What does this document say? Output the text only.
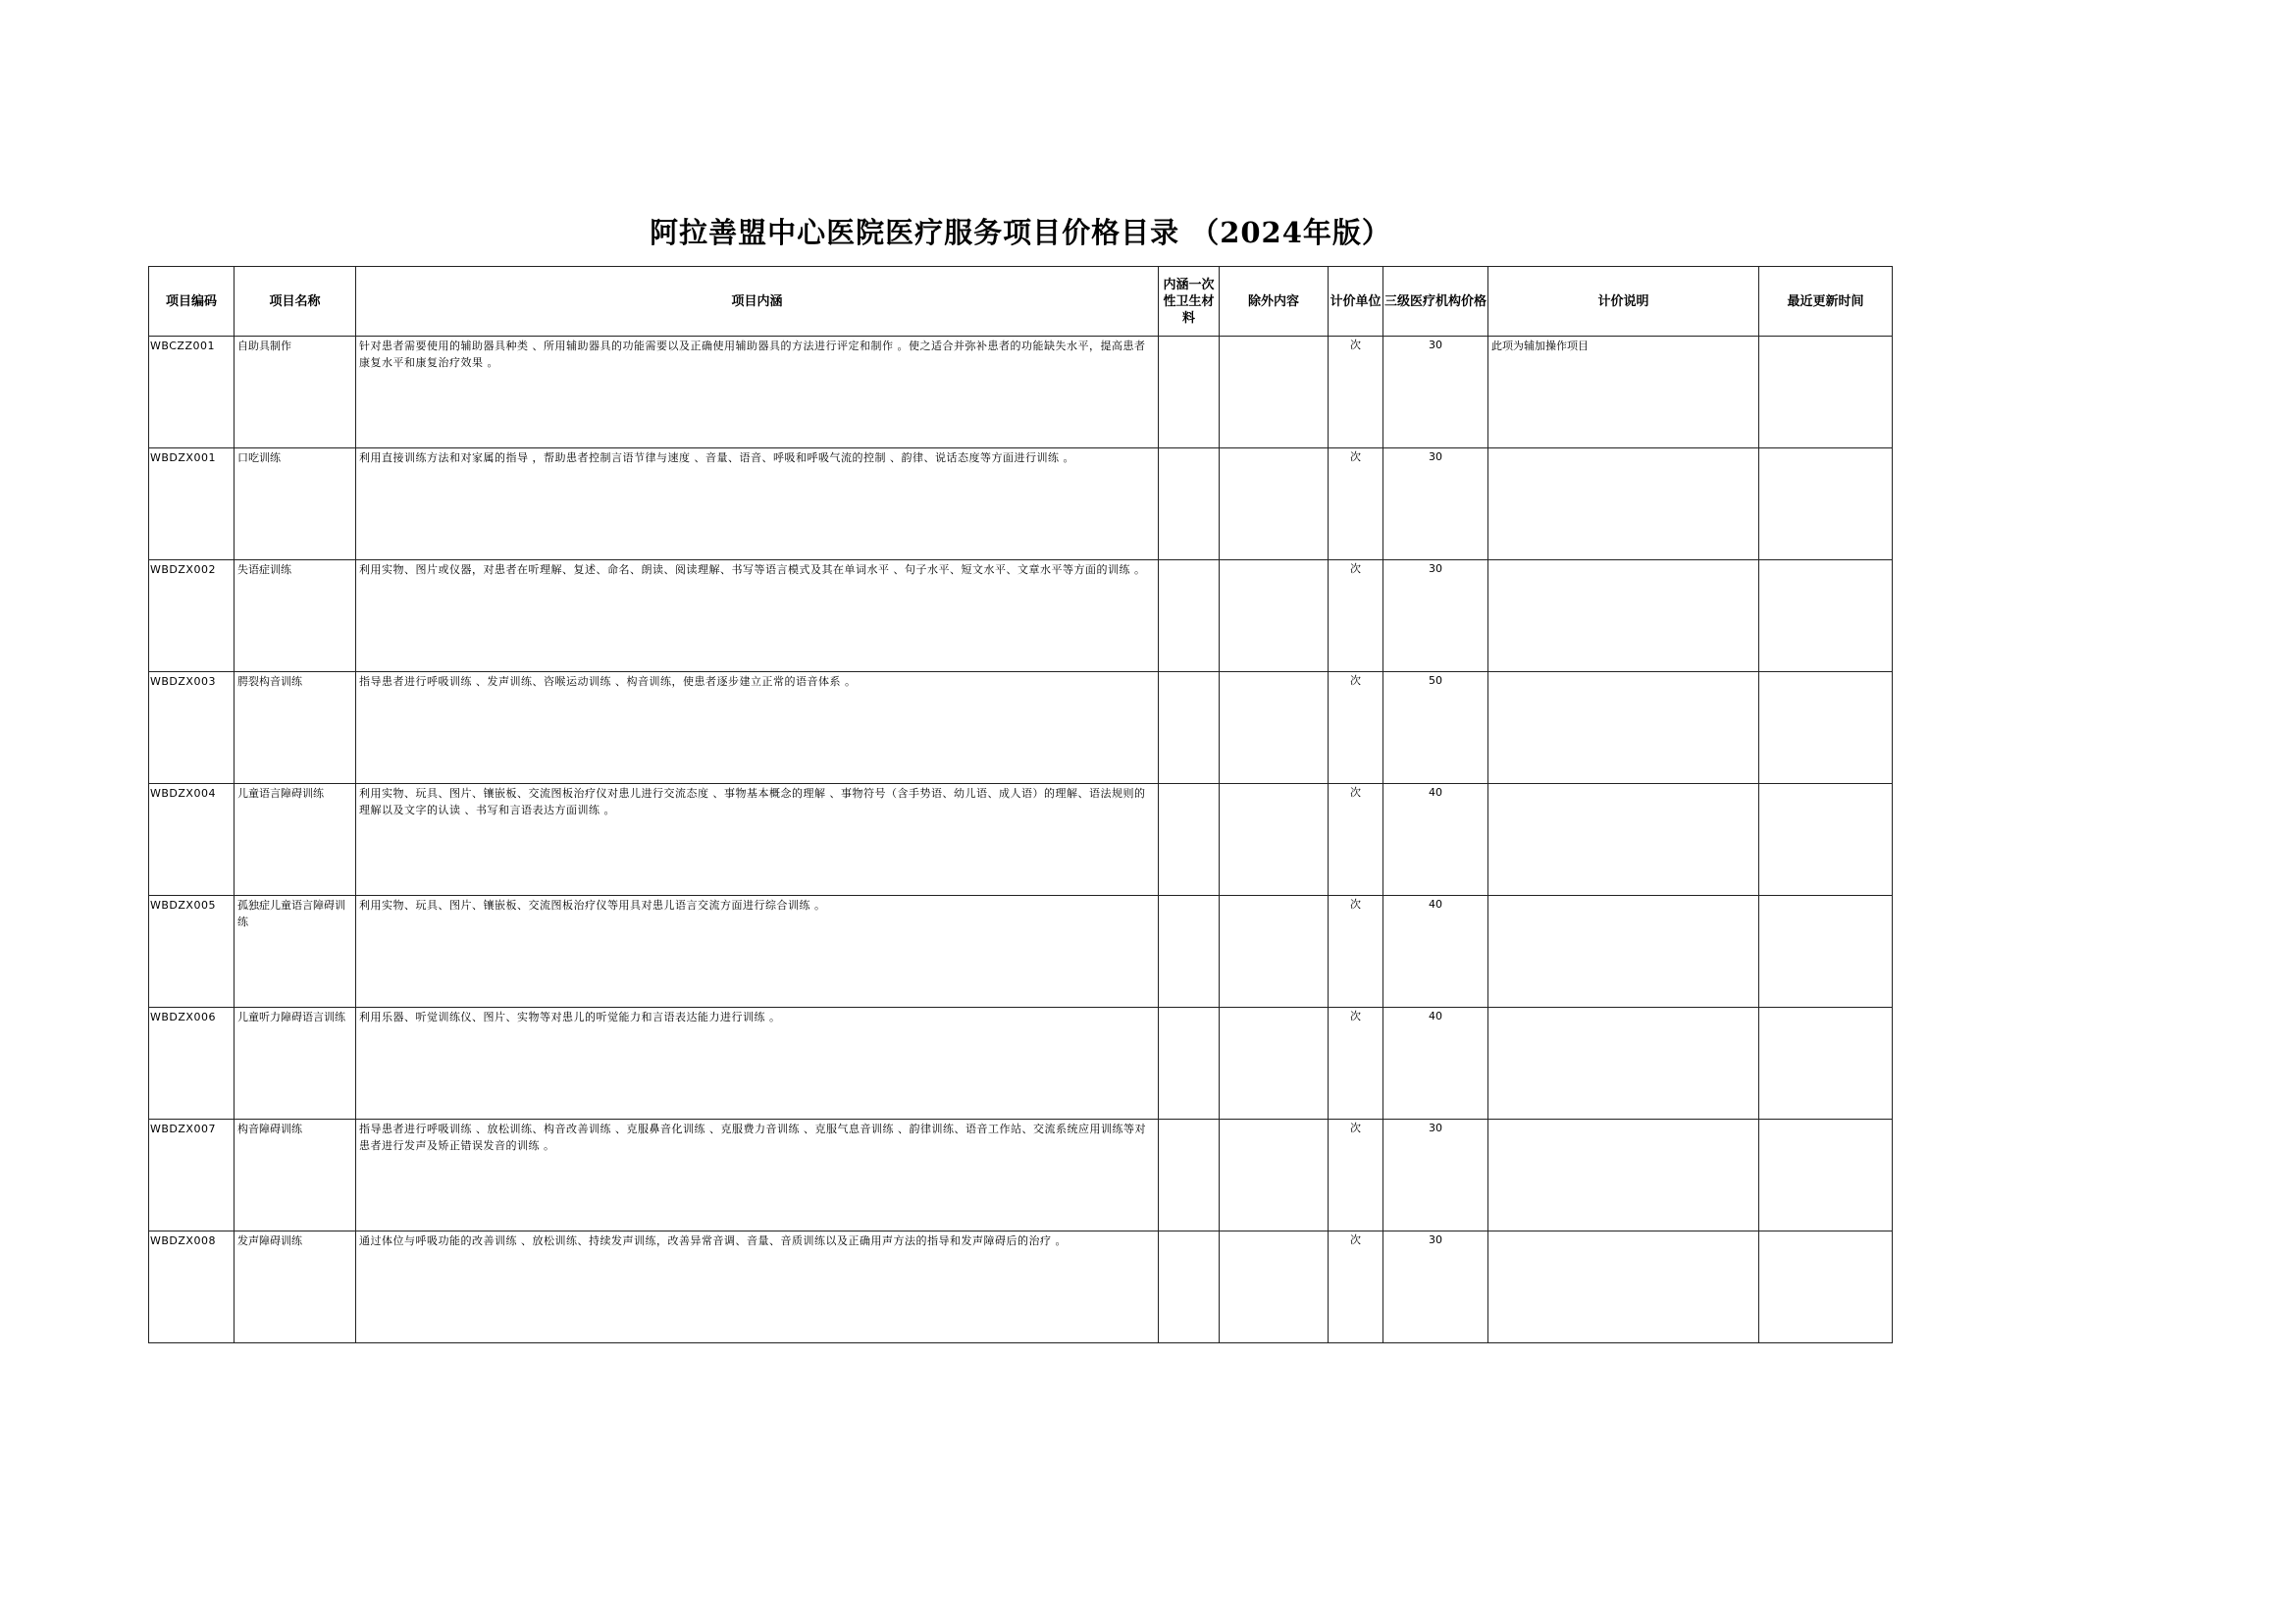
阿拉善盟中心医院医疗服务项目价格目录 （2024年版）
项目编码	项目名称	项目内涵	内涵一次性卫生材料	除外内容	计价单位	三级医疗机构价格	计价说明	最近更新时间

WBCZZ001	自助具制作	针对患者需要使用的辅助器具种类 、所用辅助器具的功能需要以及正确使用辅助器具的方法进行评定和制作 。使之适合并弥补患者的功能缺失水平，提高患者康复水平和康复治疗效果 。			次	30	此项为辅加操作项目	

WBDZX001	口吃训练	利用直接训练方法和对家属的指导 ，帮助患者控制言语节律与速度 、音量、语音、呼吸和呼吸气流的控制 、韵律、说话态度等方面进行训练 。			次	30		

WBDZX002	失语症训练	利用实物、图片或仪器，对患者在听理解、复述、命名、朗读、阅读理解、书写等语言模式及其在单词水平 、句子水平、短文水平、文章水平等方面的训练 。			次	30		

WBDZX003	腭裂构音训练	指导患者进行呼吸训练 、发声训练、咨喉运动训练 、构音训练，使患者逐步建立正常的语音体系 。			次	50		

WBDZX004	儿童语言障碍训练	利用实物、玩具、图片、镶嵌板、交流图板治疗仪对患儿进行交流态度 、事物基本概念的理解 、事物符号（含手势语、幼儿语、成人语）的理解、语法规则的理解以及文字的认读 、书写和言语表达方面训练 。			次	40		

WBDZX005	孤独症儿童语言障碍训练	利用实物、玩具、图片、镶嵌板、交流图板治疗仪等用具对患儿语言交流方面进行综合训练 。			次	40		

WBDZX006	儿童听力障碍语言训练	利用乐器、听觉训练仪、图片、实物等对患儿的听觉能力和言语表达能力进行训练 。			次	40		

WBDZX007	构音障碍训练	指导患者进行呼吸训练 、放松训练、构音改善训练 、克服鼻音化训练 、克服费力音训练 、克服气息音训练 、韵律训练、语音工作站、交流系统应用训练等对患者进行发声及矫正错误发音的训练 。			次	30		

WBDZX008	发声障碍训练	通过体位与呼吸功能的改善训练 、放松训练、持续发声训练，改善异常音调、音量、音质训练以及正确用声方法的指导和发声障碍后的治疗 。			次	30		
